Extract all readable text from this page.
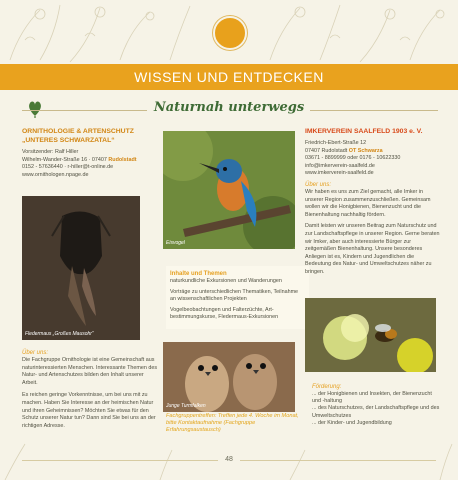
WISSEN UND ENTDECKEN
Naturnah unterwegs
ORNITHOLOGIE & ARTENSCHUTZ „UNTERES SCHWARZATAL“
Vorsitzender: Ralf Hiller
Wilhelm-Wander-Straße 16 · 07407 Rudolstadt
0152 - 57636440 · r-hiller@t-online.de
www.ornithologen.npage.de
Fledermaus „Großes Mausohr“
Über uns:
Die Fachgruppe Ornithologie ist eine Gemeinschaft aus naturinteressierten Menschen. Interessante Themen des Natur- und Artenschutzes bilden den Inhalt unserer Arbeit.
Es reichen geringe Vorkenntnisse, um bei uns mit zu machen. Haben Sie Interesse an der heimischen Natur und ihren Geheimnissen? Möchten Sie etwas für den Schutz unserer Natur tun? Dann sind Sie bei uns an der richtigen Adresse.
Eisvogel
Inhalte und Themen
naturkundliche Exkursionen und Wanderungen
Vorträge zu unterschiedlichen Thematiken, Teilnahme an wissenschaftlichen Projekten
Vogelbeobachtungen und Falterzüchte, Art-bestimmungskurse, Fledermaus-Exkursionen
Junge Turmfalken
Fachgruppentreffen: Treffen jede 4. Woche im Monat, bitte Kontaktaufnahme (Fachgruppe Erfahrungsaustausch)
IMKERVEREIN SAALFELD 1903 e. V.
Friedrich-Ebert-Straße 12
07407 Rudolstadt OT Schwarza
03671 - 8899999 oder 0176 - 10622330
info@imkerverein-saalfeld.de
www.imkerverein-saalfeld.de
Über uns:
Wir haben es uns zum Ziel gemacht, alle Imker in unserer Region zusammenzuschließen. Gemeinsam wollen wir die Honigbienen, Bienenzucht und die Bienenhaltung nachhaltig fördern.
Damit leisten wir unseren Beitrag zum Naturschutz und zur Landschaftspflege in unserer Region. Gerne beraten wir Imker, aber auch interessierte Bürger zur zeitgemäßen Bienenhaltung. Unsere besonderes Anliegen ist es, Kindern und Jugendlichen die Bedeutung des Natur- und Umweltschutzes näher zu bringen.
Förderung:
... der Honigbienen und Insekten, der Bienenzucht und -haltung
... des Naturschutzes, der Landschaftspflege und des Umweltschutzes
... der Kinder- und Jugendbildung
48
